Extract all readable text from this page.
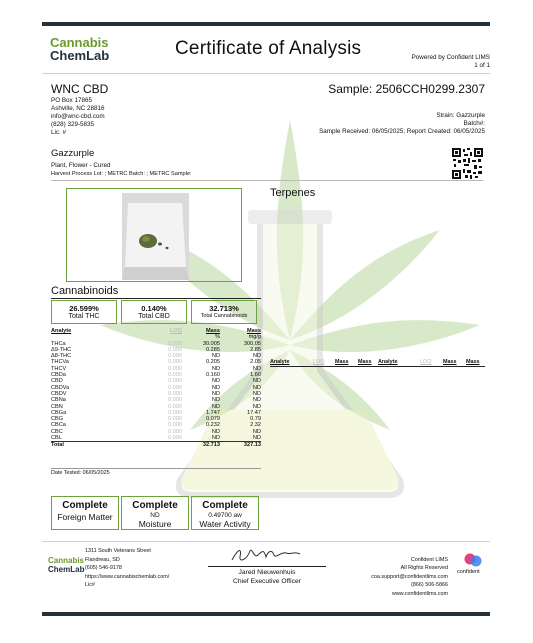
Cannabis
ChemLab	Certificate of Analysis	Powered by Confident LIMS
1 of 1
WNC CBD
PO Box 17865
Ashville, NC 28816
info@wnc-cbd.com
(828) 329-5835
Lic. #
Sample: 2506CCH0299.2307
Strain: Gazzurple
Batch#:
Sample Received: 06/05/2025; Report Created: 06/05/2025
Gazzurple
Plant, Flower - Cured
Harvest Process Lot: ; METRC Batch: ; METRC Sample:
Terpenes
Analyte	LOQ Mass Mass Analyte	LOQ Mass Mass
Cannabinoids
26.599%
Total THC
0.140%
Total CBD
32.713%
Total Cannabinoids
Analyte	LOQ	Mass	Mass
		%	mg/g
THCa	0.000	30.005	300.05
Δ9-THC	0.000	0.285	2.85
Δ8-THC	0.000	ND	ND
THCVa	0.000	0.205	2.05
THCV	0.000	ND	ND
CBDa	0.000	0.160	1.60
CBD	0.000	ND	ND
CBDVa	0.000	ND	ND
CBDV	0.000	ND	ND
CBNa	0.000	ND	ND
CBN	0.000	ND	ND
CBGa	0.000	1.747	17.47
CBG	0.000	0.079	0.79
CBCa	0.000	0.232	2.32
CBC	0.000	ND	ND
CBL	0.000	ND	ND
Total		32.713	327.13
Date Tested: 06/05/2025
Complete
Foreign Matter
Complete
ND
Moisture
Complete
0.49700 aw
Water Activity
Cannabis
ChemLab
1311 South Veterans Street
Flandreau, SD
(605) 546-9178
https://www.cannabischemlab.com/
Lic#
Jared Nieuwenhuis
Chief Executive Officer
Confident LIMS
All Rights Reserved
coa.support@confidentlims.com
(866) 506-5866
www.confidentlims.com
confident
